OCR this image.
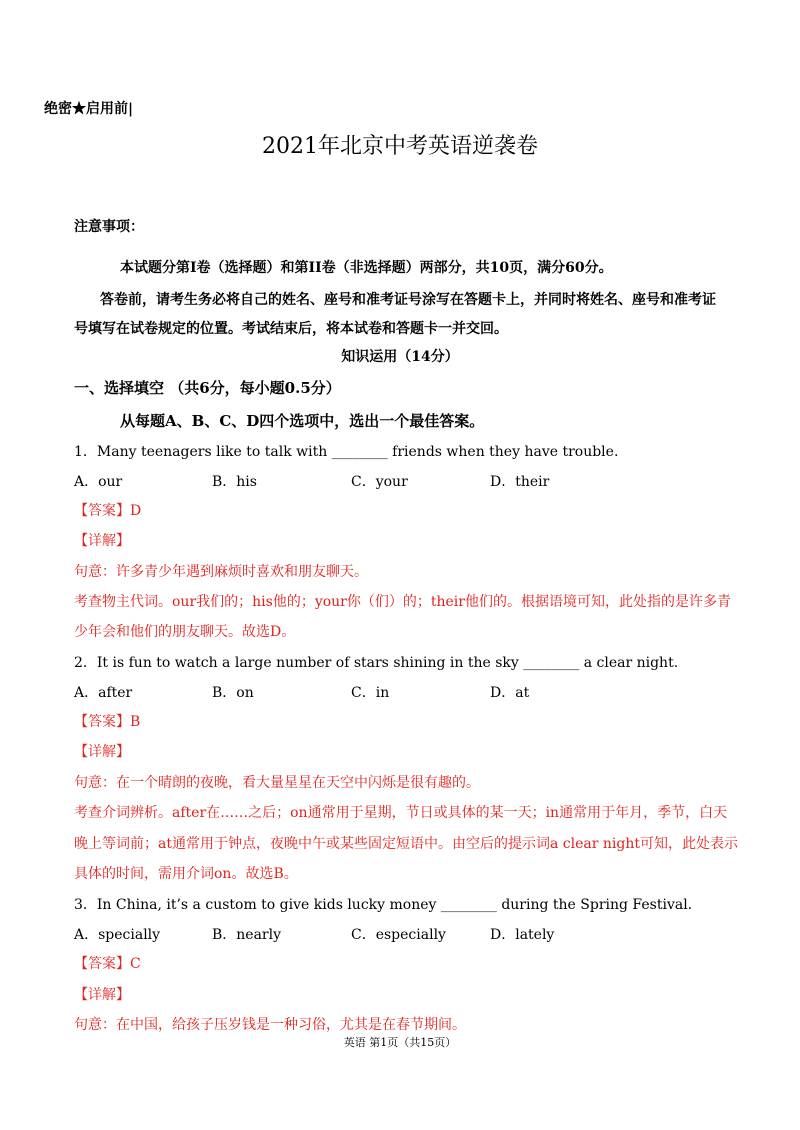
绝密★启用前|
2021年北京中考英语逆袭卷
注意事项：
本试题分第I卷（选择题）和第II卷（非选择题）两部分，共10页，满分60分。
答卷前，请考生务必将自己的姓名、座号和准考证号涂写在答题卡上，并同时将姓名、座号和准考证
号填写在试卷规定的位置。考试结束后，将本试卷和答题卡一并交回。
知识运用（14分）
一、选择填空 （共6分，每小题0.5分）
从每题A、B、C、D四个选项中，选出一个最佳答案。
1．Many teenagers like to talk with ________ friends when they have trouble.
A．our	B．his	C．your	D．their
【答案】D
【详解】
句意：许多青少年遇到麻烦时喜欢和朋友聊天。
考查物主代词。our我们的；his他的；your你（们）的；their他们的。根据语境可知，此处指的是许多青
少年会和他们的朋友聊天。故选D。
2．It is fun to watch a large number of stars shining in the sky ________ a clear night.
A．after	B．on	C．in	D．at
【答案】B
【详解】
句意：在一个晴朗的夜晚，看大量星星在天空中闪烁是很有趣的。
考查介词辨析。after在……之后；on通常用于星期，节日或具体的某一天；in通常用于年月，季节，白天
晚上等词前；at通常用于钟点，夜晚中午或某些固定短语中。由空后的提示词a clear night可知，此处表示
具体的时间，需用介词on。故选B。
3．In China, it’s a custom to give kids lucky money ________ during the Spring Festival.
A．specially	B．nearly	C．especially	D．lately
【答案】C
【详解】
句意：在中国，给孩子压岁钱是一种习俗，尤其是在春节期间。
英语 第1页（共15页）
